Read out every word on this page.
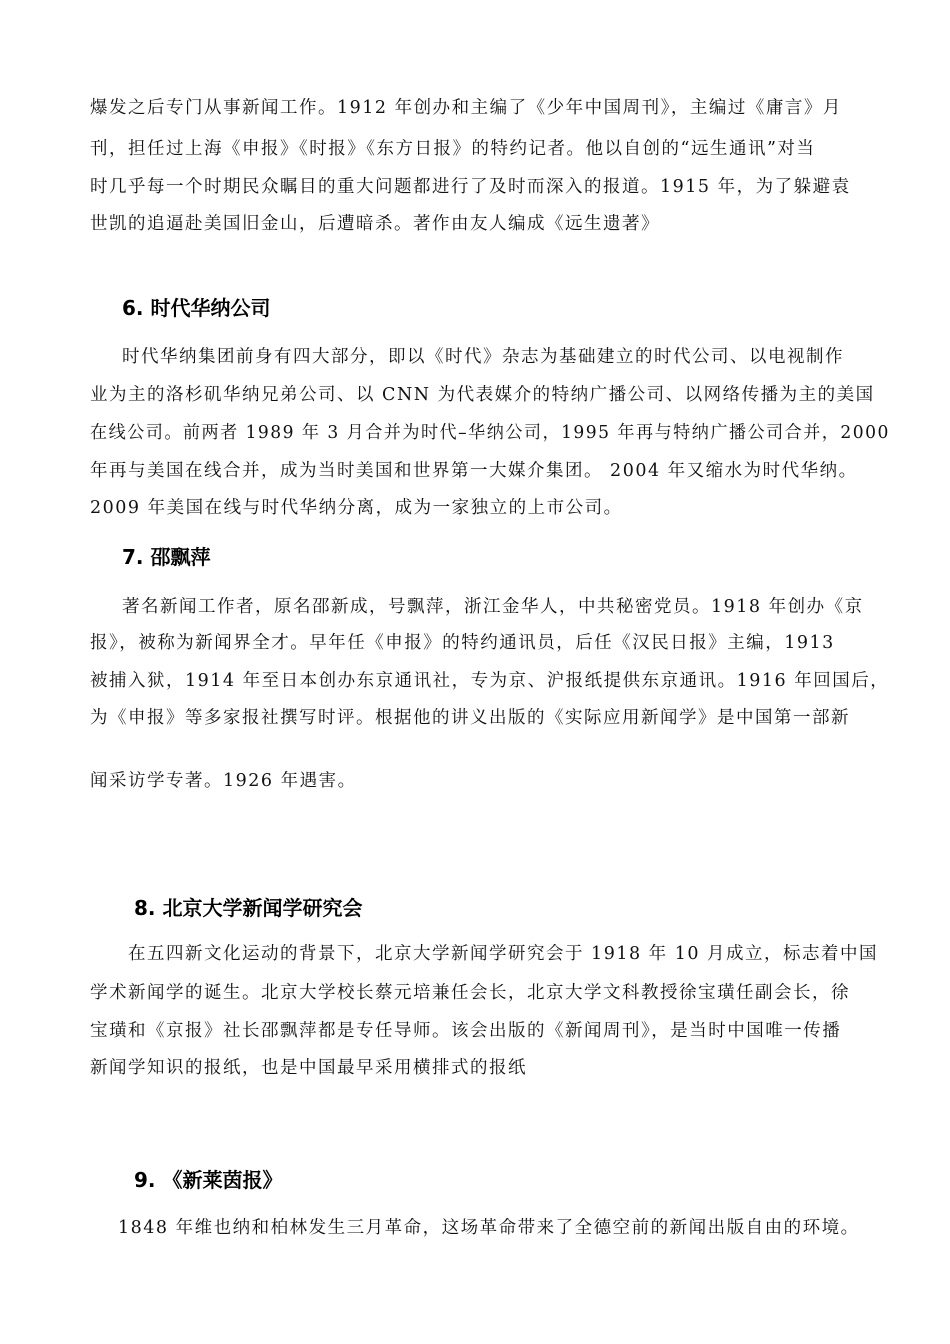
爆发之后专门从事新闻工作。1912 年创办和主编了《少年中国周刊》，主编过《庸言》月
刊，担任过上海《申报》《时报》《东方日报》的特约记者。他以自创的“远生通讯”对当
时几乎每一个时期民众瞩目的重大问题都进行了及时而深入的报道。1915 年，为了躲避袁
世凯的追逼赴美国旧金山，后遭暗杀。著作由友人编成《远生遗著》
6. 时代华纳公司
时代华纳集团前身有四大部分，即以《时代》杂志为基础建立的时代公司、以电视制作
业为主的洛杉矶华纳兄弟公司、以 CNN 为代表媒介的特纳广播公司、以网络传播为主的美国
在线公司。前两者 1989 年 3 月合并为时代–华纳公司，1995 年再与特纳广播公司合并，2000
年再与美国在线合并，成为当时美国和世界第一大媒介集团。 2004 年又缩水为时代华纳。
2009 年美国在线与时代华纳分离，成为一家独立的上市公司。
7. 邵飘萍
著名新闻工作者，原名邵新成，号飘萍，浙江金华人，中共秘密党员。1918 年创办《京
报》，被称为新闻界全才。早年任《申报》的特约通讯员，后任《汉民日报》主编，1913
被捕入狱，1914 年至日本创办东京通讯社，专为京、沪报纸提供东京通讯。1916 年回国后，
为《申报》等多家报社撰写时评。根据他的讲义出版的《实际应用新闻学》是中国第一部新
闻采访学专著。1926 年遇害。
8. 北京大学新闻学研究会
在五四新文化运动的背景下，北京大学新闻学研究会于 1918 年 10 月成立，标志着中国
学术新闻学的诞生。北京大学校长蔡元培兼任会长，北京大学文科教授徐宝璜任副会长，徐
宝璜和《京报》社长邵飘萍都是专任导师。该会出版的《新闻周刊》，是当时中国唯一传播
新闻学知识的报纸，也是中国最早采用横排式的报纸
9. 《新莱茵报》
1848 年维也纳和柏林发生三月革命，这场革命带来了全德空前的新闻出版自由的环境。
